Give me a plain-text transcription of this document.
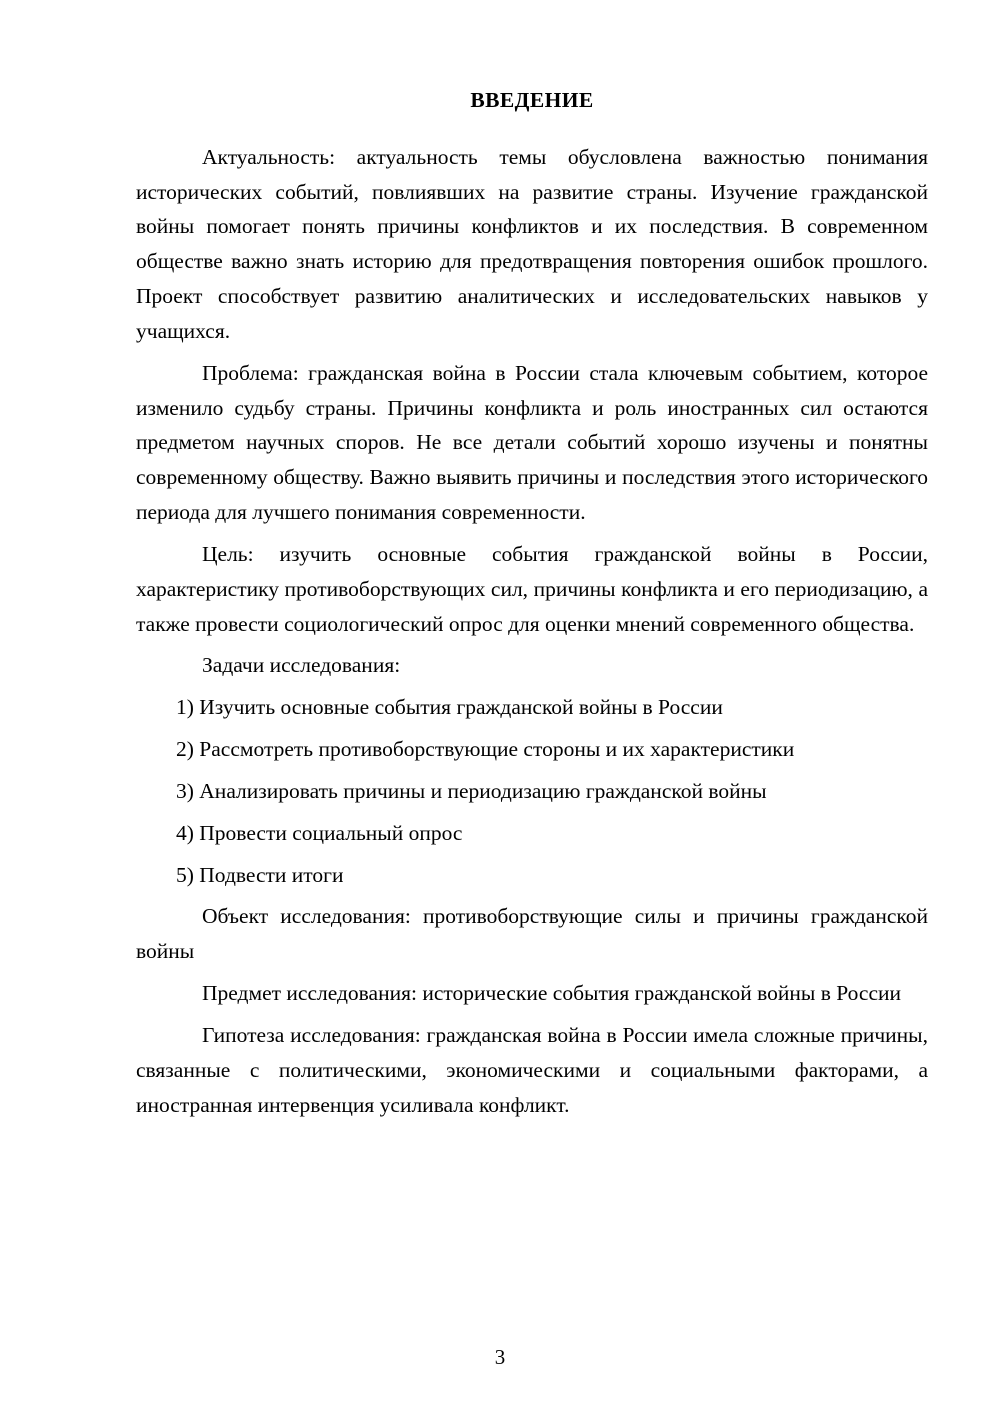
ВВЕДЕНИЕ

Актуальность: актуальность темы обусловлена важностью понимания исторических событий, повлиявших на развитие страны. Изучение гражданской войны помогает понять причины конфликтов и их последствия. В современном обществе важно знать историю для предотвращения повторения ошибок прошлого. Проект способствует развитию аналитических и исследовательских навыков у учащихся.

Проблема: гражданская война в России стала ключевым событием, которое изменило судьбу страны. Причины конфликта и роль иностранных сил остаются предметом научных споров. Не все детали событий хорошо изучены и понятны современному обществу. Важно выявить причины и последствия этого исторического периода для лучшего понимания современности.

Цель: изучить основные события гражданской войны в России, характеристику противоборствующих сил, причины конфликта и его периодизацию, а также провести социологический опрос для оценки мнений современного общества.

Задачи исследования:

1) Изучить основные события гражданской войны в России

2) Рассмотреть противоборствующие стороны и их характеристики

3) Анализировать причины и периодизацию гражданской войны

4) Провести социальный опрос

5) Подвести итоги

Объект исследования: противоборствующие силы и причины гражданской войны

Предмет исследования: исторические события гражданской войны в России

Гипотеза исследования: гражданская война в России имела сложные причины, связанные с политическими, экономическими и социальными факторами, а иностранная интервенция усиливала конфликт.

3
